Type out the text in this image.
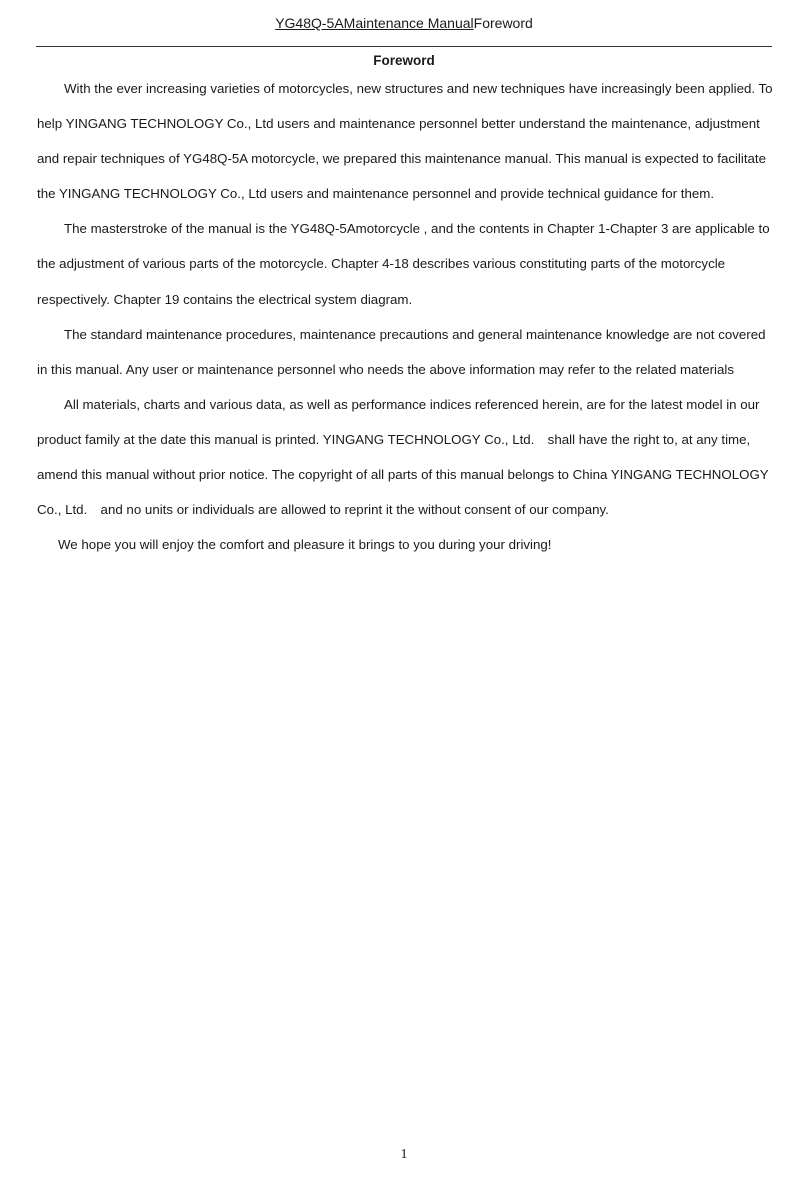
YG48Q-5AMaintenance ManualForeword
Foreword

With the ever increasing varieties of motorcycles, new structures and new techniques have increasingly been applied. To help YINGANG TECHNOLOGY Co., Ltd users and maintenance personnel better understand the maintenance, adjustment and repair techniques of YG48Q-5A motorcycle, we prepared this maintenance manual. This manual is expected to facilitate the YINGANG TECHNOLOGY Co., Ltd users and maintenance personnel and provide technical guidance for them.

The masterstroke of the manual is the YG48Q-5Amotorcycle , and the contents in Chapter 1-Chapter 3 are applicable to the adjustment of various parts of the motorcycle. Chapter 4-18 describes various constituting parts of the motorcycle respectively. Chapter 19 contains the electrical system diagram.

The standard maintenance procedures, maintenance precautions and general maintenance knowledge are not covered in this manual. Any user or maintenance personnel who needs the above information may refer to the related materials

All materials, charts and various data, as well as performance indices referenced herein, are for the latest model in our product family at the date this manual is printed. YINGANG TECHNOLOGY Co., Ltd.　shall have the right to, at any time, amend this manual without prior notice. The copyright of all parts of this manual belongs to China YINGANG TECHNOLOGY Co., Ltd.　and no units or individuals are allowed to reprint it the without consent of our company.

We hope you will enjoy the comfort and pleasure it brings to you during your driving!

1
